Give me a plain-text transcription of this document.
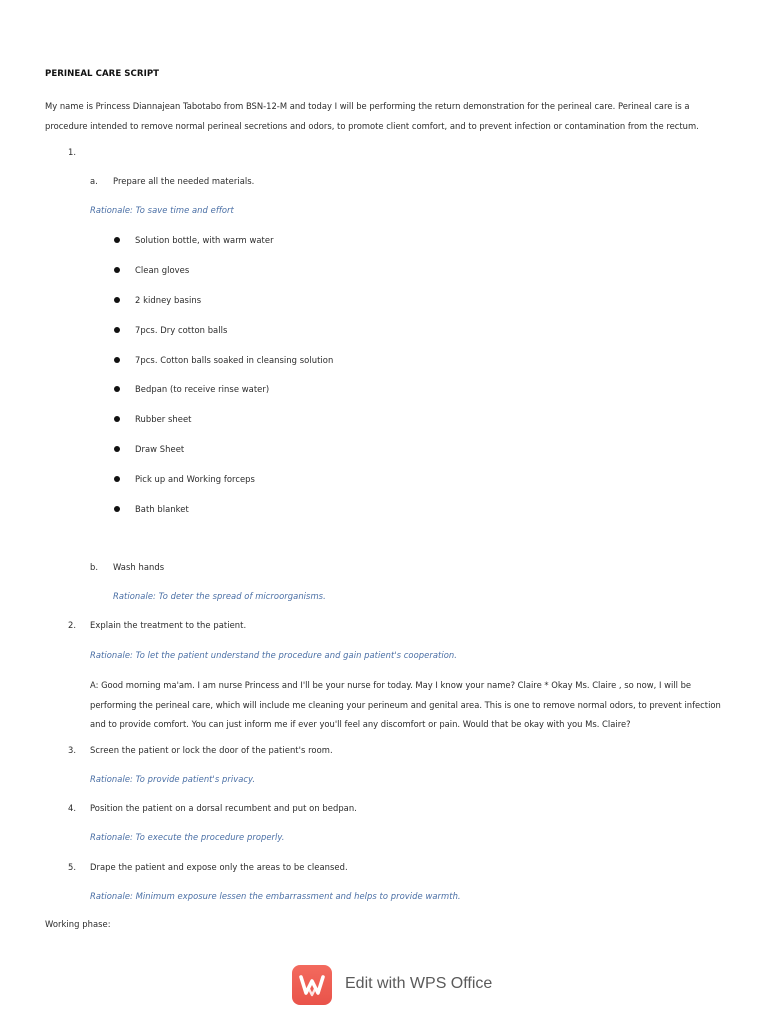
PERINEAL CARE SCRIPT
My name is Princess Diannajean Tabotabo from BSN-12-M and today I will be performing the return demonstration for the perineal care. Perineal care is a procedure intended to remove normal perineal secretions and odors, to promote client comfort, and to prevent infection or contamination from the rectum.
1.
a. Prepare all the needed materials.
Rationale: To save time and effort
Solution bottle, with warm water
Clean gloves
2 kidney basins
7pcs. Dry cotton balls
7pcs. Cotton balls soaked in cleansing solution
Bedpan (to receive rinse water)
Rubber sheet
Draw Sheet
Pick up and Working forceps
Bath blanket
b. Wash hands
Rationale: To deter the spread of microorganisms.
2. Explain the treatment to the patient.
Rationale: To let the patient understand the procedure and gain patient's cooperation.
A: Good morning ma'am. I am nurse Princess and I'll be your nurse for today. May I know your name? Claire * Okay Ms. Claire , so now, I will be performing the perineal care, which will include me cleaning your perineum and genital area. This is one to remove normal odors, to prevent infection and to provide comfort. You can just inform me if ever you'll feel any discomfort or pain. Would that be okay with you Ms. Claire?
3. Screen the patient or lock the door of the patient's room.
Rationale: To provide patient's privacy.
4. Position the patient on a dorsal recumbent and put on bedpan.
Rationale: To execute the procedure properly.
5. Drape the patient and expose only the areas to be cleansed.
Rationale: Minimum exposure lessen the embarrassment and helps to provide warmth.
Working phase:
Edit with WPS Office
